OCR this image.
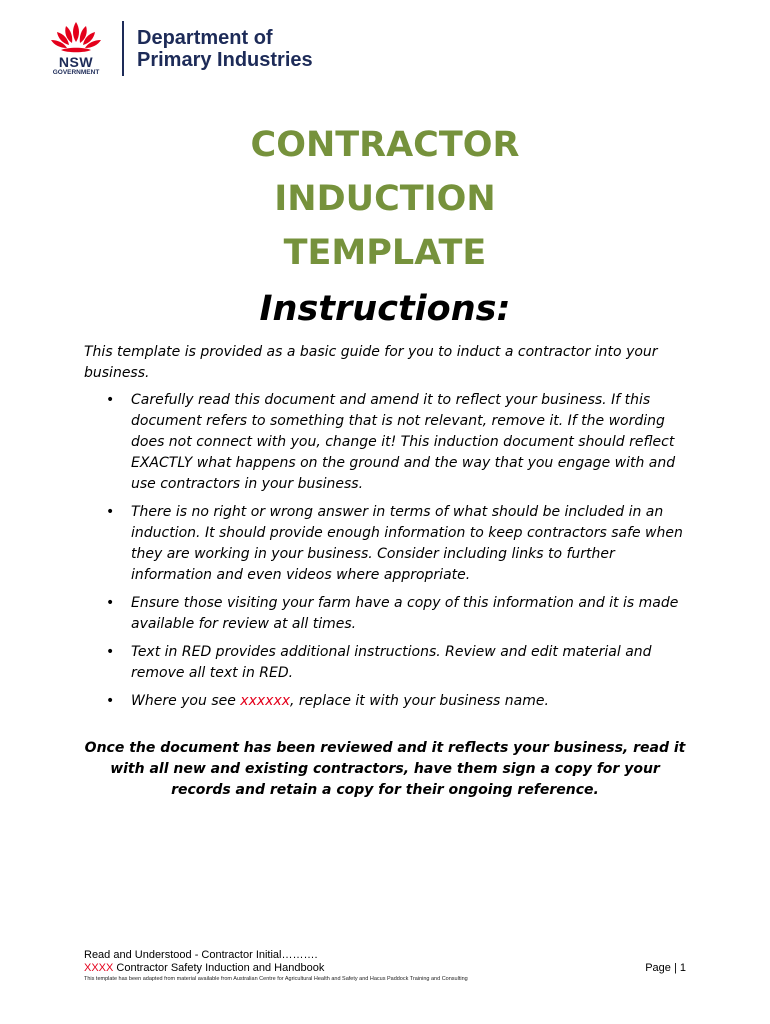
NSW
GOVERNMENT
Department of
Primary Industries
CONTRACTOR
INDUCTION
TEMPLATE
Instructions:
This template is provided as a basic guide for you to induct a contractor into your business.
• Carefully read this document and amend it to reflect your business. If this document refers to something that is not relevant, remove it. If the wording does not connect with you, change it! This induction document should reflect EXACTLY what happens on the ground and the way that you engage with and use contractors in your business.
• There is no right or wrong answer in terms of what should be included in an induction. It should provide enough information to keep contractors safe when they are working in your business. Consider including links to further information and even videos where appropriate.
• Ensure those visiting your farm have a copy of this information and it is made available for review at all times.
• Text in RED provides additional instructions. Review and edit material and remove all text in RED.
• Where you see xxxxxx, replace it with your business name.
Once the document has been reviewed and it reflects your business, read it with all new and existing contractors, have them sign a copy for your records and retain a copy for their ongoing reference.
Read and Understood - Contractor Initial……….
XXXX Contractor Safety Induction and Handbook
This template has been adapted from material available from Australian Centre for Agricultural Health and Safety and Hacus Paddock Training and Consulting
Page | 1
